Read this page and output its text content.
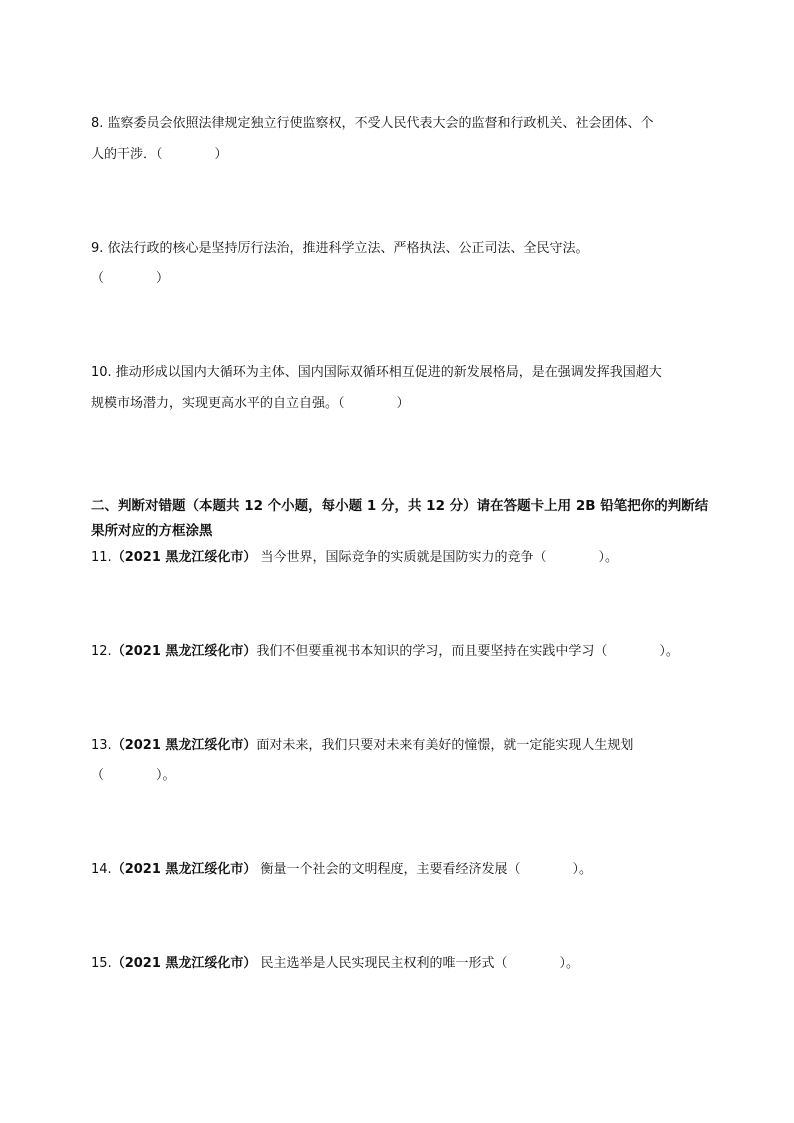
8. 监察委员会依照法律规定独立行使监察权，不受人民代表大会的监督和行政机关、社会团体、个
人的干涉．（　　　　）
9. 依法行政的核心是坚持厉行法治，推进科学立法、严格执法、公正司法、全民守法。
（　　　　）
10. 推动形成以国内大循环为主体、国内国际双循环相互促进的新发展格局，是在强调发挥我国超大
规模市场潜力，实现更高水平的自立自强。（　　　　）
二、判断对错题（本题共 12 个小题，每小题 1 分，共 12 分）请在答题卡上用 2B 铅笔把你的判断结
果所对应的方框涂黑
11.（2021 黑龙江绥化市） 当今世界，国际竞争的实质就是国防实力的竞争（　　　　）。
12.（2021 黑龙江绥化市）我们不但要重视书本知识的学习，而且要坚持在实践中学习（　　　　）。
13.（2021 黑龙江绥化市）面对未来，我们只要对未来有美好的憧憬，就一定能实现人生规划
（　　　　）。
14.（2021 黑龙江绥化市） 衡量一个社会的文明程度，主要看经济发展（　　　　）。
15.（2021 黑龙江绥化市） 民主选举是人民实现民主权利的唯一形式（　　　　）。
